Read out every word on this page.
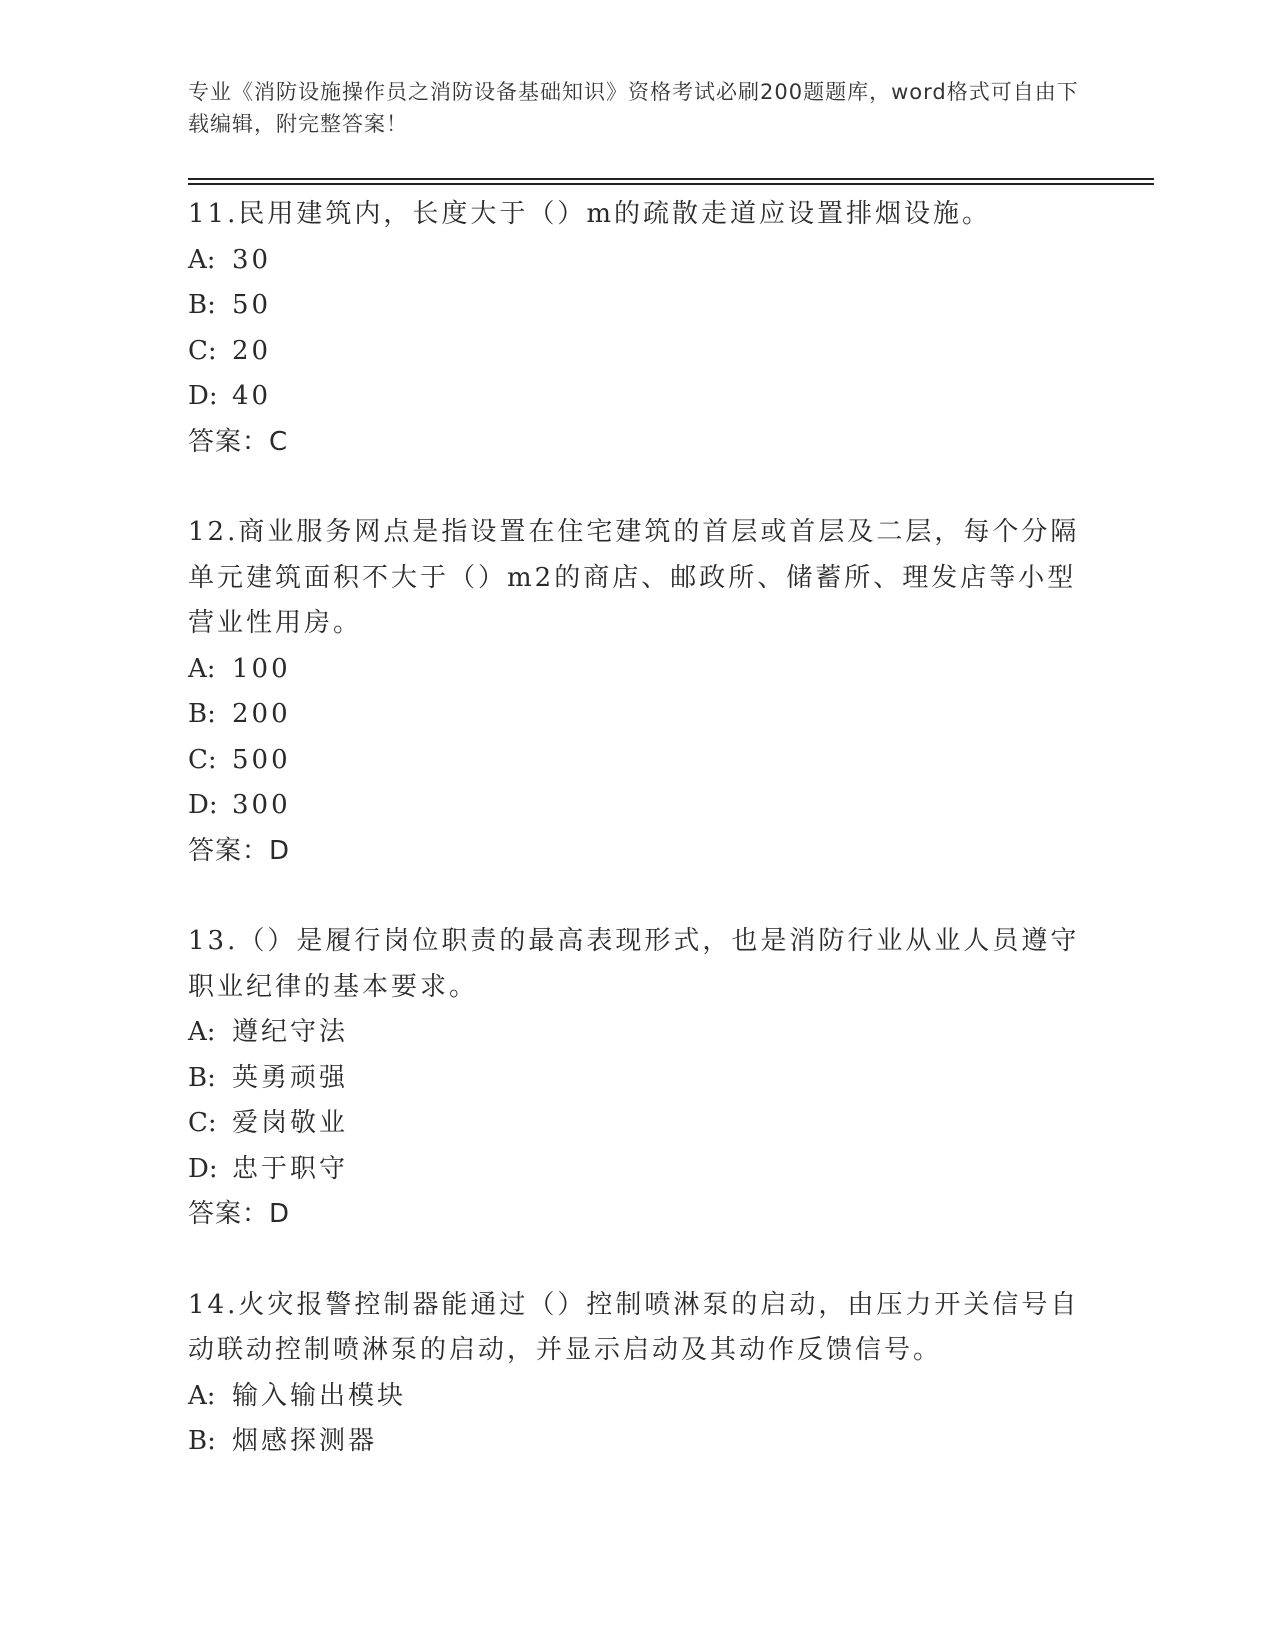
专业《消防设施操作员之消防设备基础知识》资格考试必刷200题题库，word格式可自由下载编辑，附完整答案！
11.民用建筑内，长度大于（）m的疏散走道应设置排烟设施。
A: 30
B: 50
C: 20
D: 40
答案：C
12.商业服务网点是指设置在住宅建筑的首层或首层及二层，每个分隔单元建筑面积不大于（）m2的商店、邮政所、储蓄所、理发店等小型营业性用房。
A: 100
B: 200
C: 500
D: 300
答案：D
13.（）是履行岗位职责的最高表现形式，也是消防行业从业人员遵守职业纪律的基本要求。
A: 遵纪守法
B: 英勇顽强
C: 爱岗敬业
D: 忠于职守
答案：D
14.火灾报警控制器能通过（）控制喷淋泵的启动，由压力开关信号自动联动控制喷淋泵的启动，并显示启动及其动作反馈信号。
A: 输入输出模块
B: 烟感探测器
